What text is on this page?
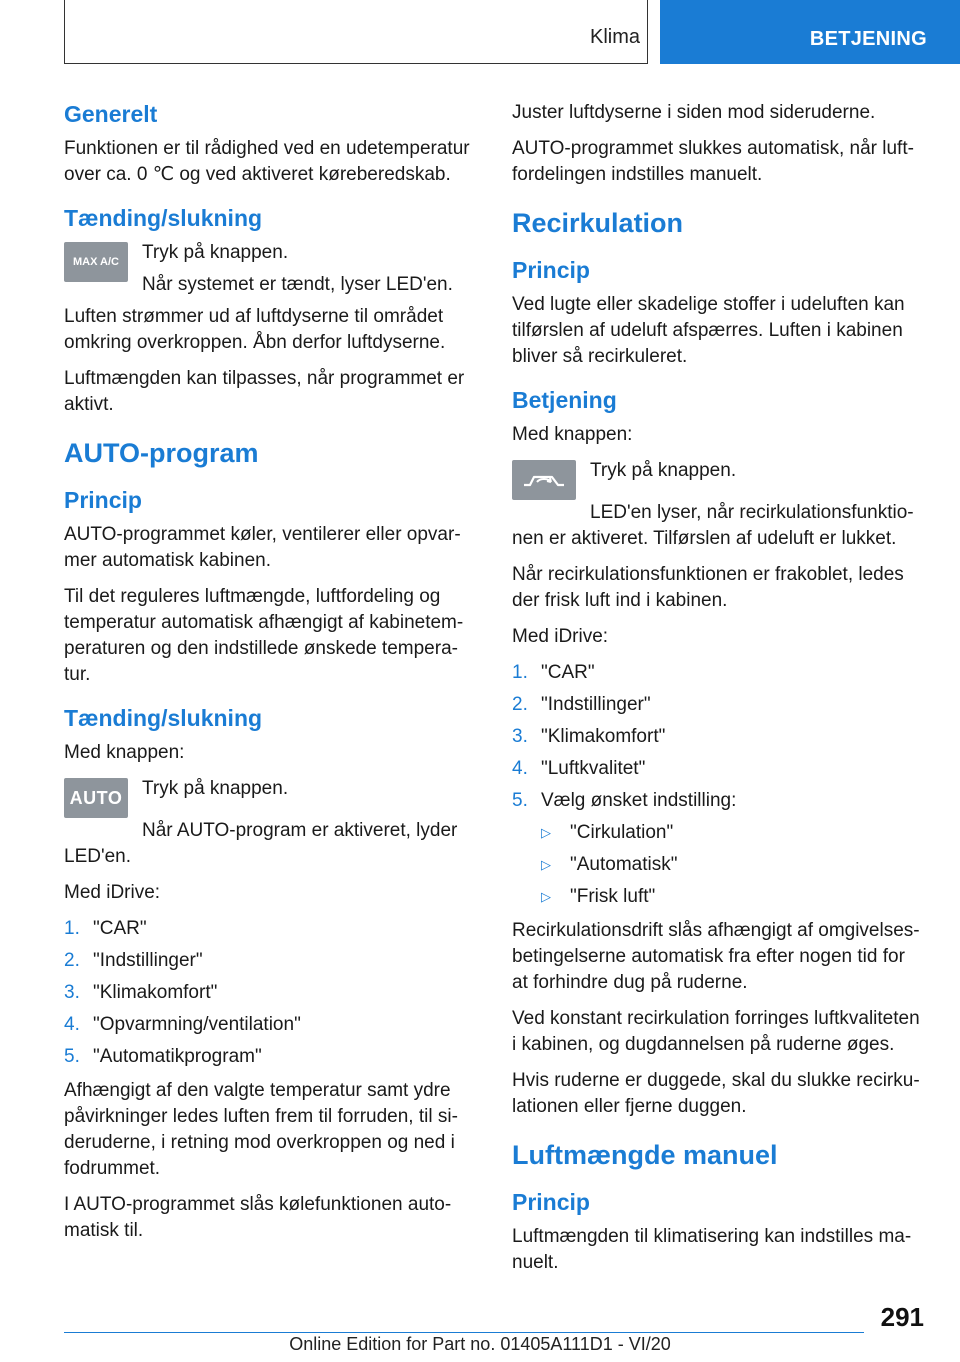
Klima	BETJENING
Generelt

Funktionen er til rådighed ved en udetemperatur over ca. 0 ℃ og ved aktiveret køreberedskab.

Tænding/slukning
MAX A/C	Tryk på knappen.

Når systemet er tændt, lyser LED'en.

Luften strømmer ud af luftdyserne til området omkring overkroppen. Åbn derfor luftdyserne.

Luftmængden kan tilpasses, når programmet er aktivt.

AUTO-program
Princip

AUTO-programmet køler, ventilerer eller opvarmer automatisk kabinen.

Til det reguleres luftmængde, luftfordeling og temperatur automatisk afhængigt af kabinetemperaturen og den indstillede ønskede temperatur.

Tænding/slukning

Med knappen:

AUTO Tryk på knappen.

Når AUTO-program er aktiveret, lyder LED'en.

Med iDrive:

1. "CAR"
2. "Indstillinger"
3. "Klimakomfort"
4. "Opvarmning/ventilation"
5. "Automatikprogram"

Afhængigt af den valgte temperatur samt ydre påvirkninger ledes luften frem til forruden, til sideruderne, i retning mod overkroppen og ned i fodrummet.

I AUTO-programmet slås kølefunktionen automatisk til.

Juster luftdyserne i siden mod sideruderne.

AUTO-programmet slukkes automatisk, når luftfordelingen indstilles manuelt.

Recirkulation
Princip

Ved lugte eller skadelige stoffer i udeluften kan tilførslen af udeluft afspærres. Luften i kabinen bliver så recirkuleret.

Betjening

Med knappen:

Tryk på knappen.

LED'en lyser, når recirkulationsfunktionen er aktiveret. Tilførslen af udeluft er lukket.

Når recirkulationsfunktionen er frakoblet, ledes der frisk luft ind i kabinen.

Med iDrive:

1. "CAR"
2. "Indstillinger"
3. "Klimakomfort"
4. "Luftkvalitet"
5. Vælg ønsket indstilling:
▷ "Cirkulation"
▷ "Automatisk"
▷ "Frisk luft"

Recirkulationsdrift slås afhængigt af omgivelsesbetingelserne automatisk fra efter nogen tid for at forhindre dug på ruderne.

Ved konstant recirkulation forringes luftkvaliteten i kabinen, og dugdannelsen på ruderne øges.

Hvis ruderne er duggede, skal du slukke recirkulationen eller fjerne duggen.

Luftmængde manuel
Princip

Luftmængden til klimatisering kan indstilles manuelt.

291
Online Edition for Part no. 01405A111D1 - VI/20
